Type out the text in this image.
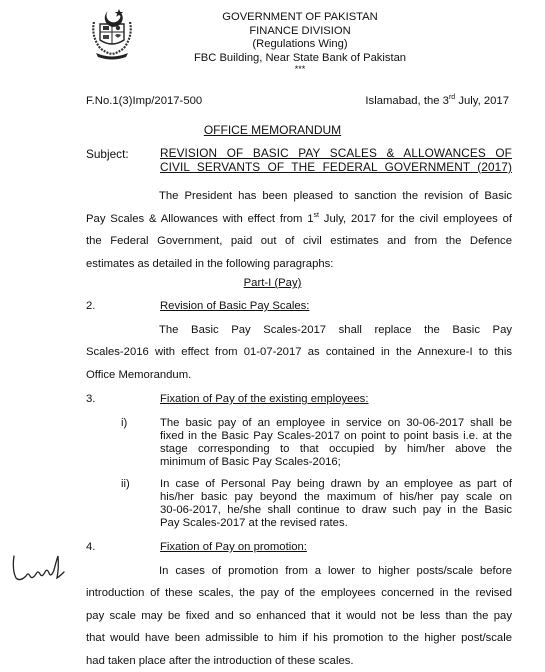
GOVERNMENT OF PAKISTAN
FINANCE DIVISION
(Regulations Wing)
FBC Building, Near State Bank of Pakistan
***
F.No.1(3)Imp/2017-500	Islamabad, the 3rd July, 2017
OFFICE MEMORANDUM
Subject:	REVISION OF BASIC PAY SCALES & ALLOWANCES OF
CIVIL SERVANTS OF THE FEDERAL GOVERNMENT (2017)
The President has been pleased to sanction the revision of Basic
Pay Scales & Allowances with effect from 1st July, 2017 for the civil employees of
the Federal Government, paid out of civil estimates and from the Defence
estimates as detailed in the following paragraphs:
Part-I (Pay)
2.	Revision of Basic Pay Scales:
The Basic Pay Scales-2017 shall replace the Basic Pay
Scales-2016 with effect from 01-07-2017 as contained in the Annexure-I to this
Office Memorandum.
3.	Fixation of Pay of the existing employees:
i)	The basic pay of an employee in service on 30-06-2017 shall be
fixed in the Basic Pay Scales-2017 on point to point basis i.e. at the
stage corresponding to that occupied by him/her above the
minimum of Basic Pay Scales-2016;
ii)	In case of Personal Pay being drawn by an employee as part of
his/her basic pay beyond the maximum of his/her pay scale on
30-06-2017, he/she shall continue to draw such pay in the Basic
Pay Scales-2017 at the revised rates.
4.	Fixation of Pay on promotion:
In cases of promotion from a lower to higher posts/scale before
introduction of these scales, the pay of the employees concerned in the revised
pay scale may be fixed and so enhanced that it would not be less than the pay
that would have been admissible to him if his promotion to the higher post/scale
had taken place after the introduction of these scales.
